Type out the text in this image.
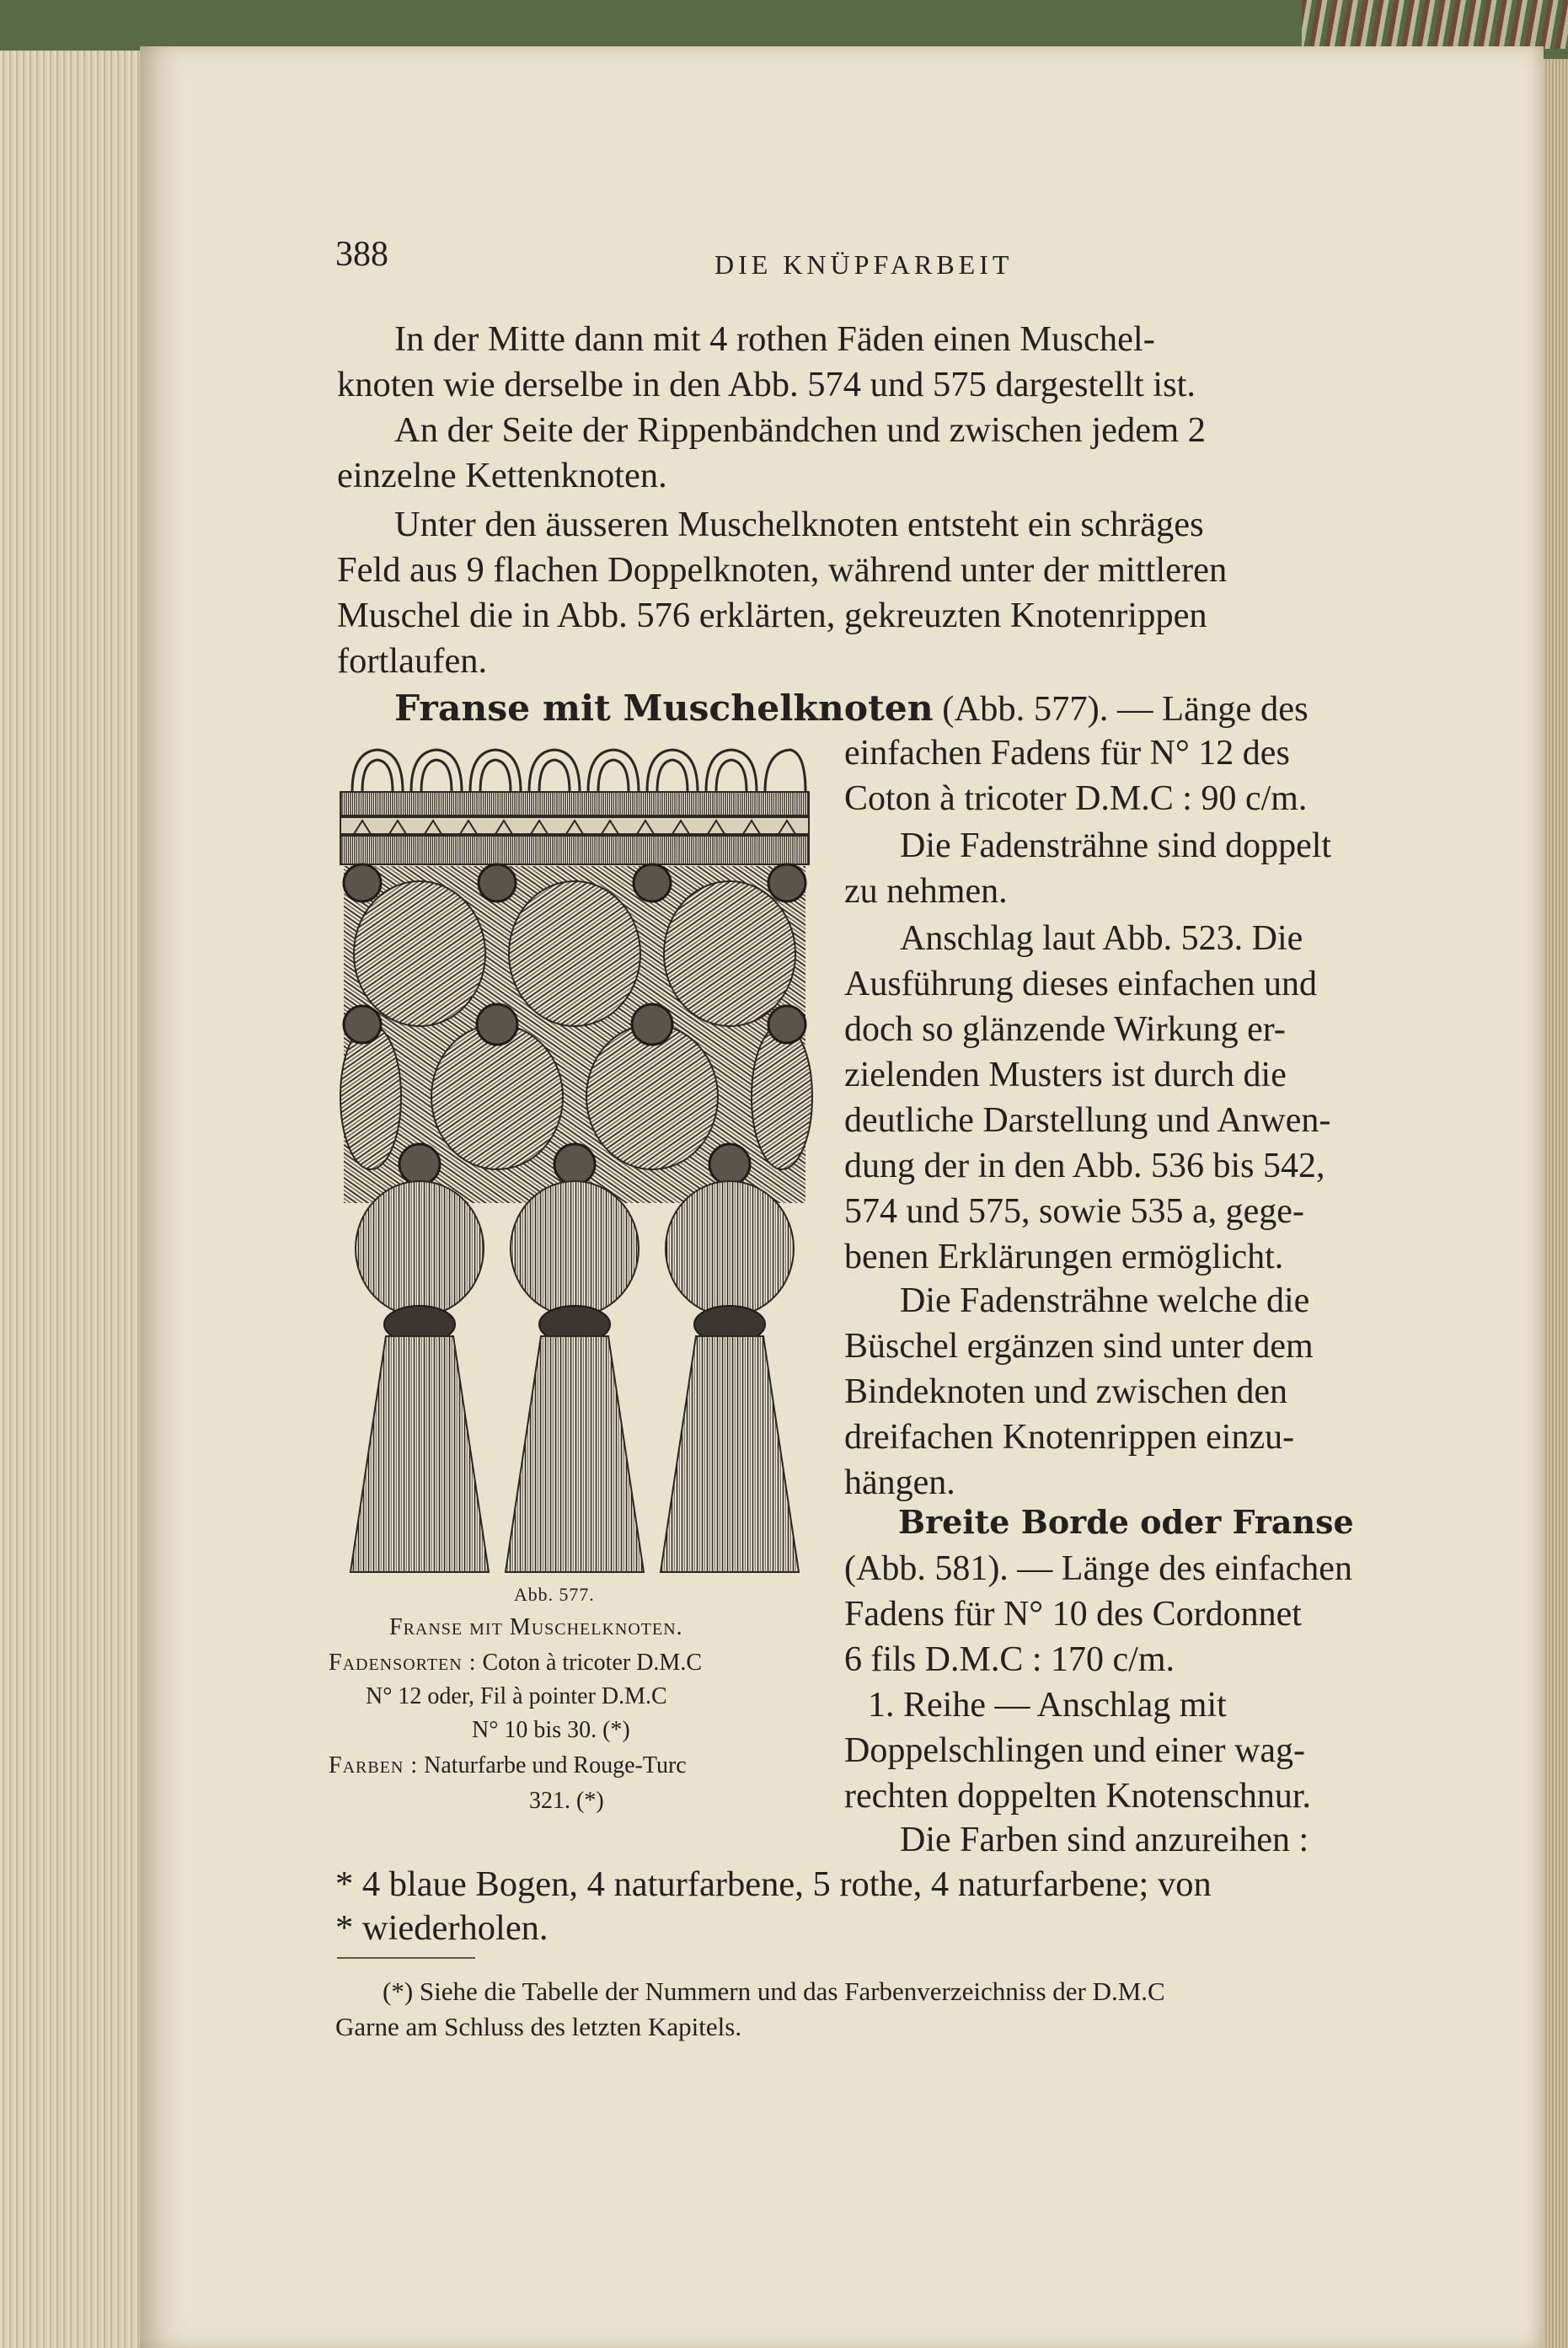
388	DIE KNÜPFARBEIT
In der Mitte dann mit 4 rothen Fäden einen Muschel-
knoten wie derselbe in den Abb. 574 und 575 dargestellt ist.
An der Seite der Rippenbändchen und zwischen jedem 2
einzelne Kettenknoten.
Unter den äusseren Muschelknoten entsteht ein schräges
Feld aus 9 flachen Doppelknoten, während unter der mittleren
Muschel die in Abb. 576 erklärten, gekreuzten Knotenrippen
fortlaufen.
Franse mit Muschelknoten (Abb. 577). — Länge des
einfachen Fadens für N° 12 des
Coton à tricoter D.M.C : 90 c/m.
Die Fadensträhne sind doppelt
zu nehmen.
Anschlag laut Abb. 523. Die
Ausführung dieses einfachen und
doch so glänzende Wirkung er-
zielenden Musters ist durch die
deutliche Darstellung und Anwen-
dung der in den Abb. 536 bis 542,
574 und 575, sowie 535 a, gege-
benen Erklärungen ermöglicht.
Die Fadensträhne welche die
Büschel ergänzen sind unter dem
Bindeknoten und zwischen den
dreifachen Knotenrippen einzu-
hängen.
Breite Borde oder Franse
(Abb. 581). — Länge des einfachen
Fadens für N° 10 des Cordonnet
6 fils D.M.C : 170 c/m.
1. Reihe — Anschlag mit
Doppelschlingen und einer wag-
rechten doppelten Knotenschnur.
Die Farben sind anzureihen :
* 4 blaue Bogen, 4 naturfarbene, 5 rothe, 4 naturfarbene; von
* wiederholen.
Abb. 577.
Franse mit Muschelknoten.
Fadensorten : Coton à tricoter D.M.C
N° 12 oder, Fil à pointer D.M.C
N° 10 bis 30. (*)
Farben : Naturfarbe und Rouge-Turc
321. (*)
(*) Siehe die Tabelle der Nummern und das Farbenverzeichniss der D.M.C
Garne am Schluss des letzten Kapitels.
